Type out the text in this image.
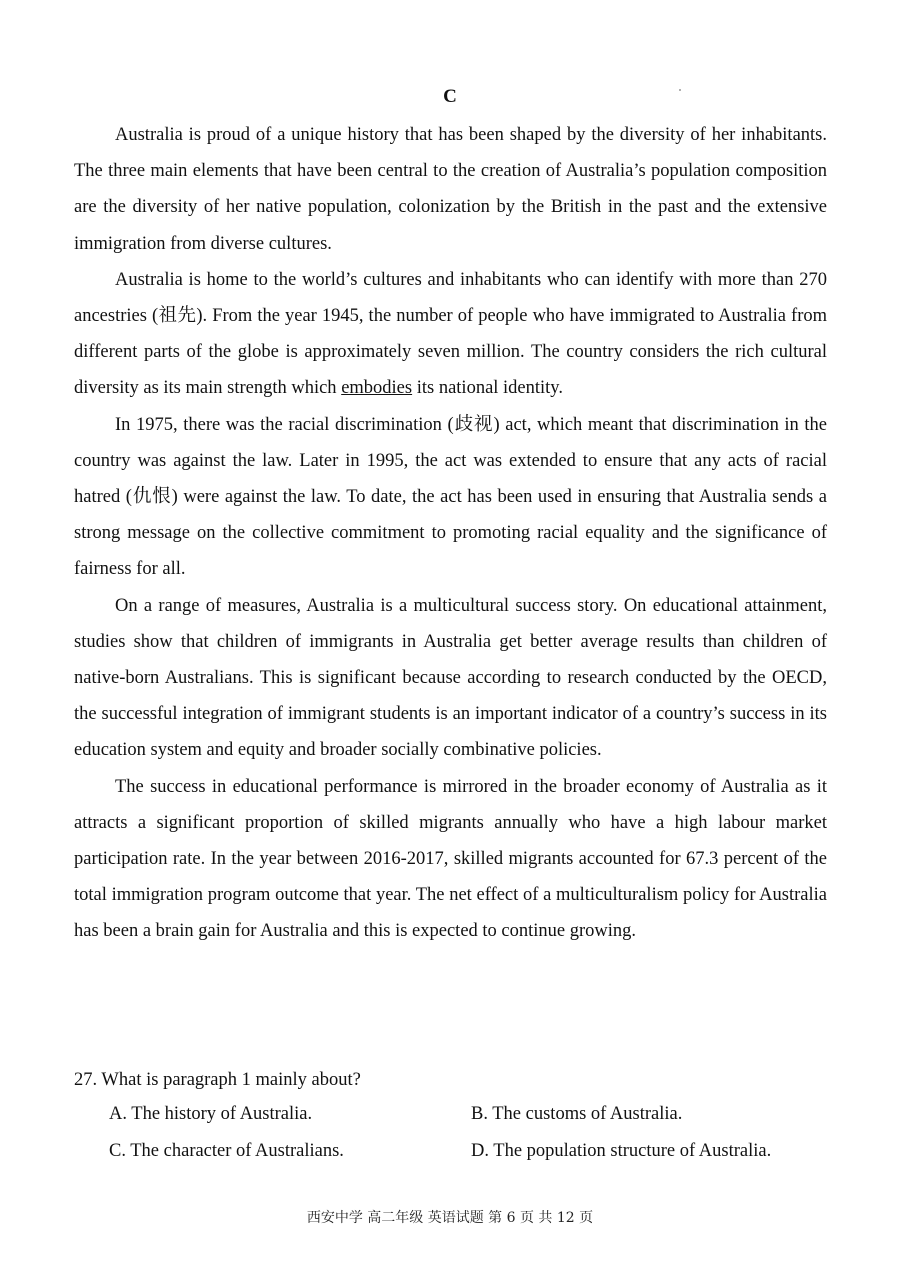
C

Australia is proud of a unique history that has been shaped by the diversity of her inhabitants. The three main elements that have been central to the creation of Australia’s population composition are the diversity of her native population, colonization by the British in the past and the extensive immigration from diverse cultures.

Australia is home to the world’s cultures and inhabitants who can identify with more than 270 ancestries (祖先). From the year 1945, the number of people who have immigrated to Australia from different parts of the globe is approximately seven million. The country considers the rich cultural diversity as its main strength which embodies its national identity.

In 1975, there was the racial discrimination (歧视) act, which meant that discrimination in the country was against the law. Later in 1995, the act was extended to ensure that any acts of racial hatred (仇恨) were against the law. To date, the act has been used in ensuring that Australia sends a strong message on the collective commitment to promoting racial equality and the significance of fairness for all.

On a range of measures, Australia is a multicultural success story. On educational attainment, studies show that children of immigrants in Australia get better average results than children of native-born Australians. This is significant because according to research conducted by the OECD, the successful integration of immigrant students is an important indicator of a country’s success in its education system and equity and broader socially combinative policies.

The success in educational performance is mirrored in the broader economy of Australia as it attracts a significant proportion of skilled migrants annually who have a high labour market participation rate. In the year between 2016-2017, skilled migrants accounted for 67.3 percent of the total immigration program outcome that year. The net effect of a multiculturalism policy for Australia has been a brain gain for Australia and this is expected to continue growing.

27. What is paragraph 1 mainly about?
A. The history of Australia.	B. The customs of Australia.
C. The character of Australians.	D. The population structure of Australia.
西安中学 高二年级 英语试题 第 6 页 共 12 页
